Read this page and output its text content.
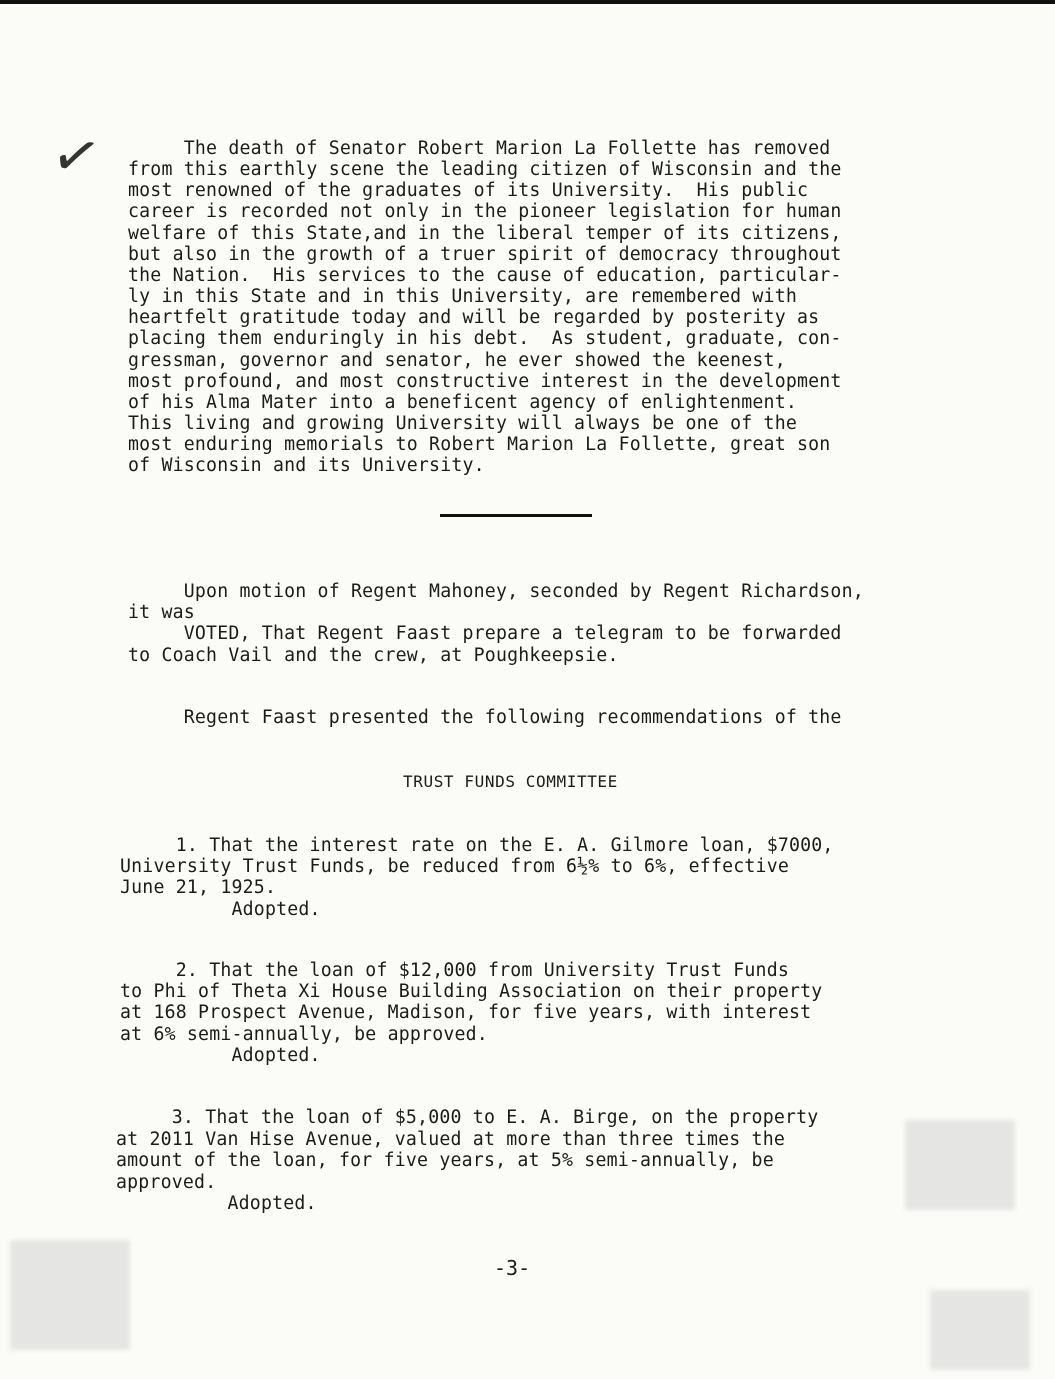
✓ The death of Senator Robert Marion La Follette has removed
from this earthly scene the leading citizen of Wisconsin and the
most renowned of the graduates of its University.  His public
career is recorded not only in the pioneer legislation for human
welfare of this State,and in the liberal temper of its citizens,
but also in the growth of a truer spirit of democracy throughout
the Nation.  His services to the cause of education, particular-
ly in this State and in this University, are remembered with
heartfelt gratitude today and will be regarded by posterity as
placing them enduringly in his debt.  As student, graduate, con-
gressman, governor and senator, he ever showed the keenest,
most profound, and most constructive interest in the development
of his Alma Mater into a beneficent agency of enlightenment.
This living and growing University will always be one of the
most enduring memorials to Robert Marion La Follette, great son
of Wisconsin and its University.
Upon motion of Regent Mahoney, seconded by Regent Richardson,
it was
VOTED, That Regent Faast prepare a telegram to be forwarded
to Coach Vail and the crew, at Poughkeepsie.
1. That the interest rate on the E. A. Gilmore loan, $7000,
University Trust Funds, be reduced from 6½% to 6%, effective
June 21, 1925.
Adopted.
2. That the loan of $12,000 from University Trust Funds
to Phi of Theta Xi House Building Association on their property
at 168 Prospect Avenue, Madison, for five years, with interest
at 6% semi-annually, be approved.
Adopted.
3. That the loan of $5,000 to E. A. Birge, on the property
at 2011 Van Hise Avenue, valued at more than three times the
amount of the loan, for five years, at 5% semi-annually, be
approved.
Adopted.
Regent Faast presented the following recommendations of the
TRUST FUNDS COMMITTEE
-3-
